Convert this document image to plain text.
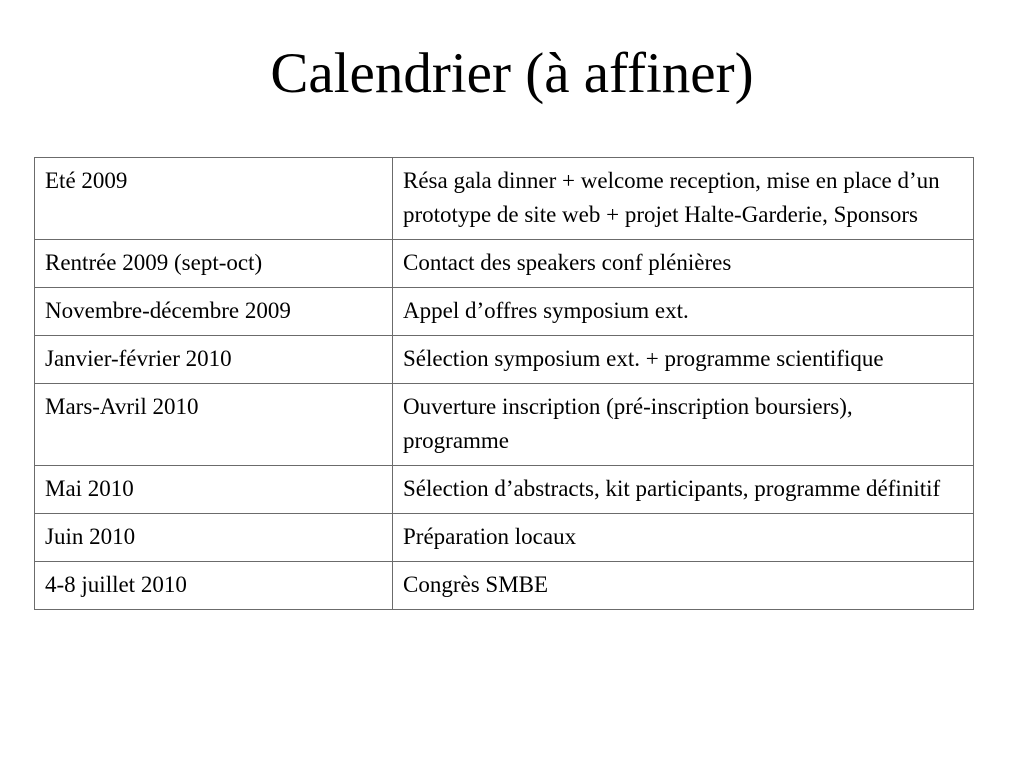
Calendrier (à affiner)
Eté 2009	Résa gala dinner + welcome reception, mise en place d’un prototype de site web + projet Halte-Garderie, Sponsors
Rentrée 2009 (sept-oct)	Contact des speakers conf plénières
Novembre-décembre 2009	Appel d’offres symposium ext.
Janvier-février 2010	Sélection symposium ext. + programme scientifique
Mars-Avril 2010	Ouverture inscription (pré-inscription boursiers), programme
Mai 2010	Sélection d’abstracts, kit participants, programme définitif
Juin 2010	Préparation locaux
4-8 juillet 2010	Congrès SMBE
